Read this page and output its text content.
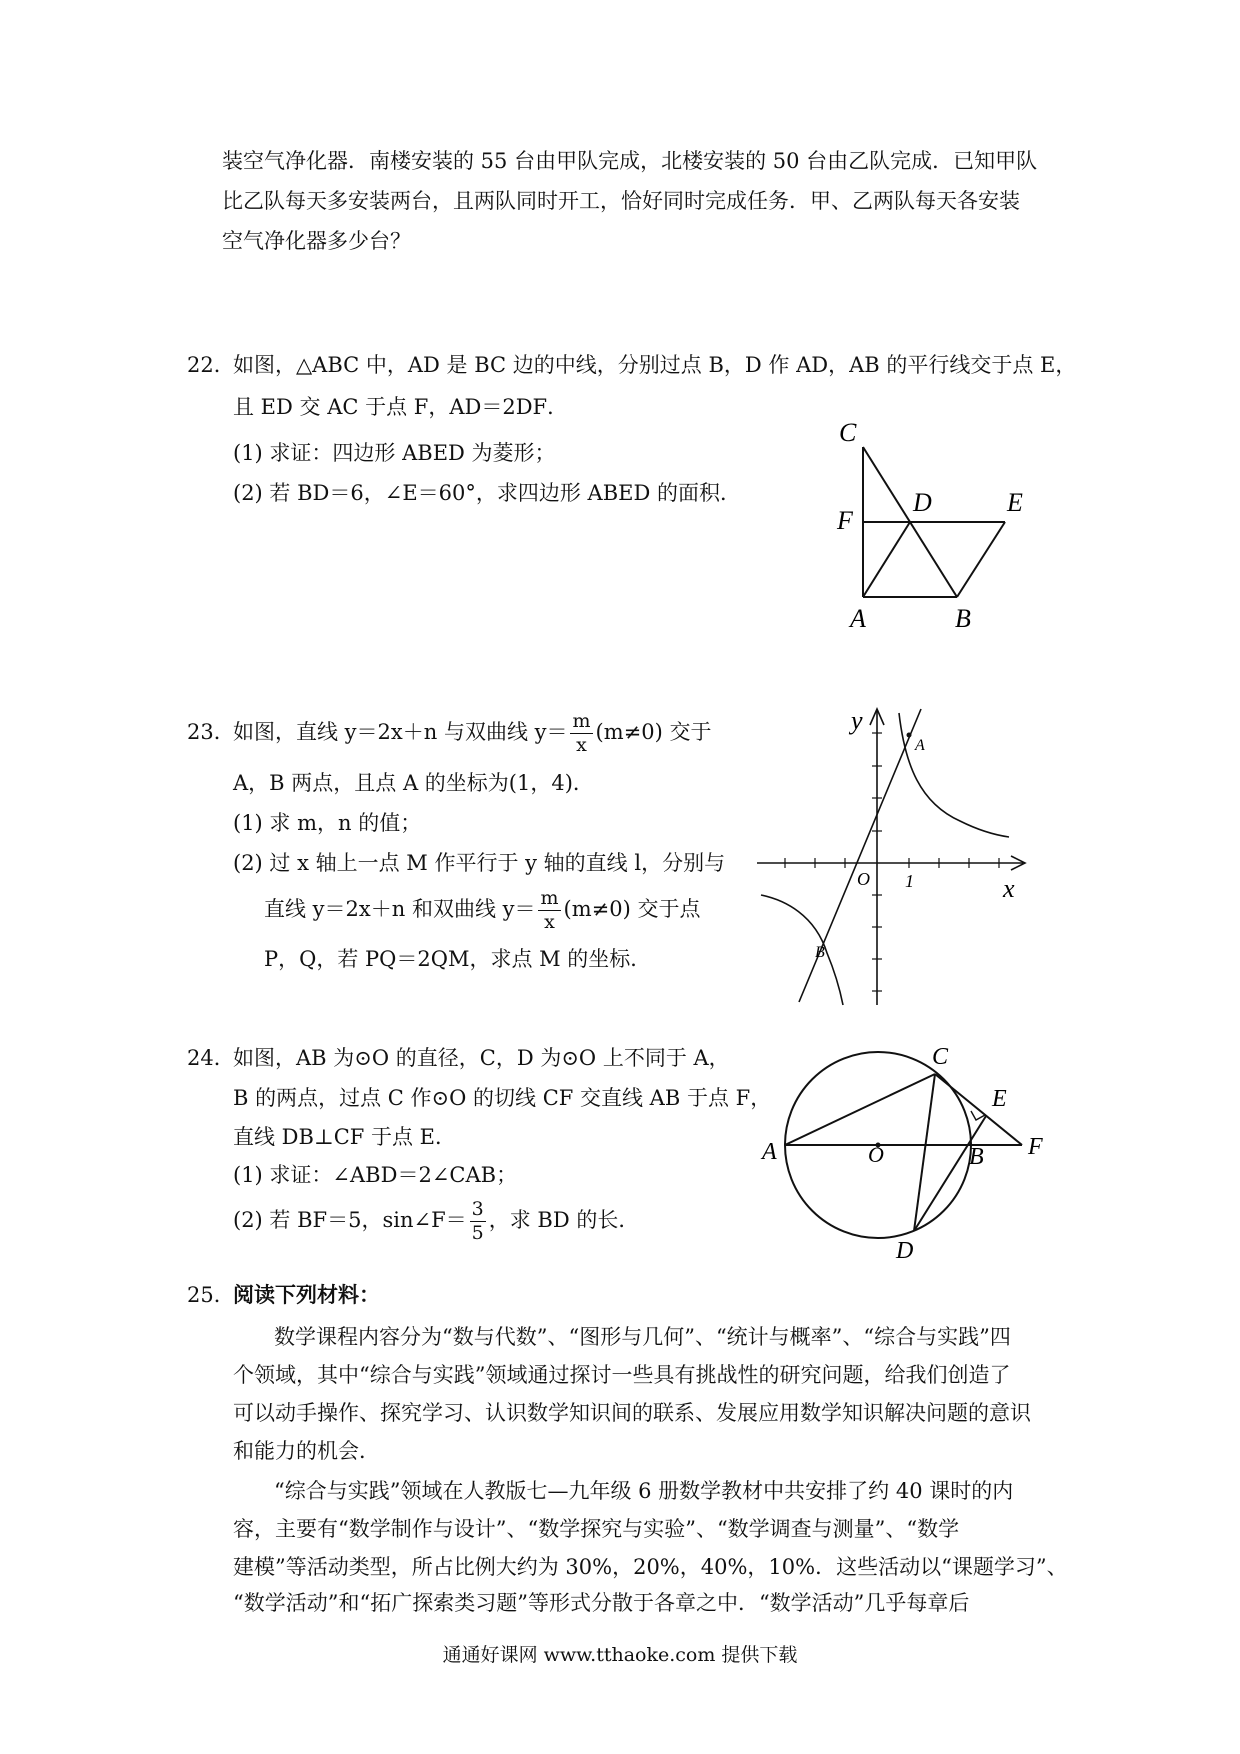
装空气净化器．南楼安装的 55 台由甲队完成，北楼安装的 50 台由乙队完成．已知甲队
比乙队每天多安装两台，且两队同时开工，恰好同时完成任务．甲、乙两队每天各安装
空气净化器多少台？
22．
如图，△ABC 中，AD 是 BC 边的中线，分别过点 B，D 作 AD，AB 的平行线交于点 E，
且 ED 交 AC 于点 F，AD＝2DF．
(1) 求证：四边形 ABED 为菱形；
(2) 若 BD＝6，∠E＝60°，求四边形 ABED 的面积．
C
D	E
F
A	B
23．
如图，直线 y＝2x＋n 与双曲线 $y= \frac{m}{x} (m\ne 0)$ 交于
A，B 两点，且点 A 的坐标为(1，4)．
(1) 求 m，n 的值；
(2) 过 x 轴上一点 M 作平行于 y 轴的直线 l，分别与
直线 y＝2x＋n 和双曲线 $y= \frac{m}{x} (m\ne 0)$ 交于点
P，Q，若 PQ＝2QM，求点 M 的坐标．
y
x
O 1
A
B
24．
如图，AB 为⊙O 的直径，C，D 为⊙O 上不同于 A，
B 的两点，过点 C 作⊙O 的切线 CF 交直线 AB 于点 F，
直线 DB⊥CF 于点 E．
(1) 求证：∠ABD＝2∠CAB；
(2) 若 BF＝5，sin∠F＝ $\frac{3}{5}$ ，求 BD 的长．
C
E
A	O	B F
D
25．
阅读下列材料：
数学课程内容分为“数与代数”、“图形与几何”、“统计与概率”、“综合与实践”四
个领域，其中“综合与实践”领域通过探讨一些具有挑战性的研究问题，给我们创造了
可以动手操作、探究学习、认识数学知识间的联系、发展应用数学知识解决问题的意识
和能力的机会．
“综合与实践”领域在人教版七—九年级 6 册数学教材中共安排了约 40 课时的内
容，主要有“数学制作与设计”、“数学探究与实验”、“数学调查与测量”、“数学
建模”等活动类型，所占比例大约为 30%，20%，40%，10%．这些活动以“课题学习”、
“数学活动”和“拓广探索类习题”等形式分散于各章之中．“数学活动”几乎每章后
通通好课网 www.tthaoke.com 提供下载
